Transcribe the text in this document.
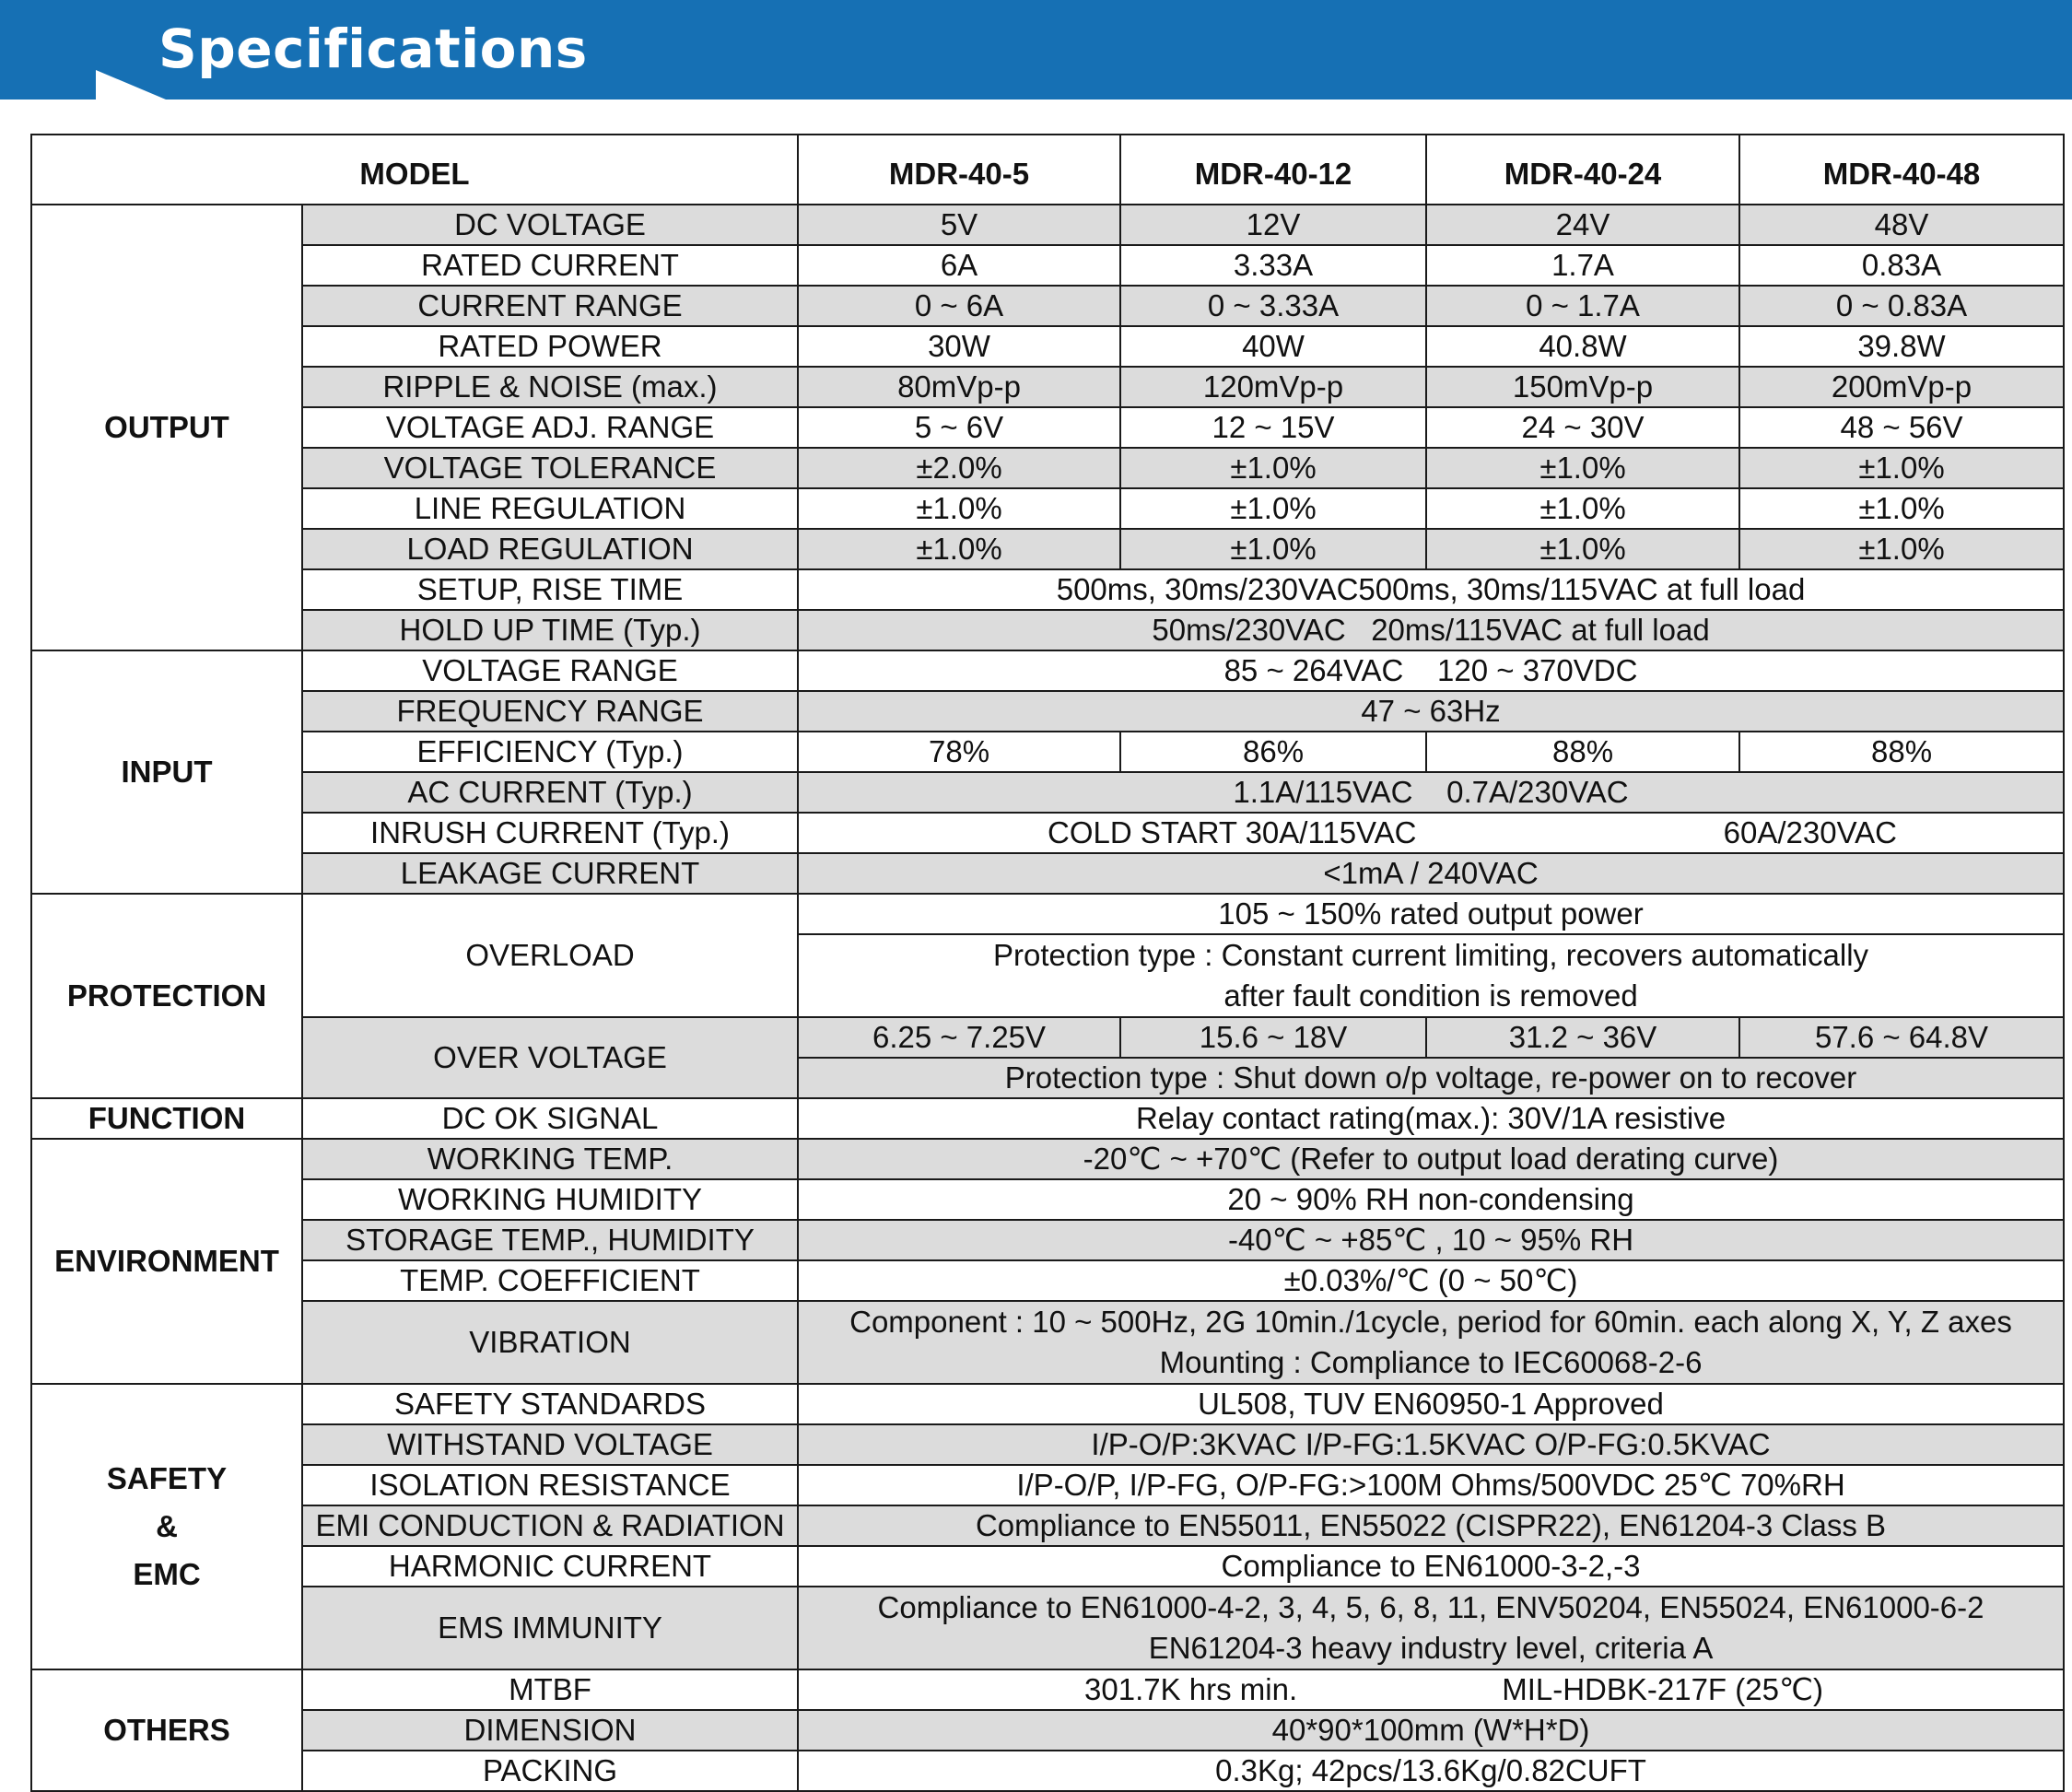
Specifications
MODEL		MDR-40-5	MDR-40-12	MDR-40-24	MDR-40-48
OUTPUT	DC VOLTAGE	5V	12V	24V	48V
	RATED CURRENT	6A	3.33A	1.7A	0.83A
	CURRENT RANGE	0 ~ 6A	0 ~ 3.33A	0 ~ 1.7A	0 ~ 0.83A
	RATED POWER	30W	40W	40.8W	39.8W
	RIPPLE & NOISE (max.)	80mVp-p	120mVp-p	150mVp-p	200mVp-p
	VOLTAGE ADJ. RANGE	5 ~ 6V	12 ~ 15V	24 ~ 30V	48 ~ 56V
	VOLTAGE TOLERANCE	±2.0%	±1.0%	±1.0%	±1.0%
	LINE REGULATION	±1.0%	±1.0%	±1.0%	±1.0%
	LOAD REGULATION	±1.0%	±1.0%	±1.0%	±1.0%
	SETUP, RISE TIME	500ms, 30ms/230VAC500ms, 30ms/115VAC at full load			
	HOLD UP TIME (Typ.)	50ms/230VAC   20ms/115VAC at full load			
INPUT	VOLTAGE RANGE	85 ~ 264VAC    120 ~ 370VDC			
	FREQUENCY RANGE	47 ~ 63Hz			
	EFFICIENCY (Typ.)	78%	86%	88%	88%
	AC CURRENT (Typ.)	1.1A/115VAC    0.7A/230VAC			
	INRUSH CURRENT (Typ.)	COLD START 30A/115VAC 60A/230VAC			

	LEAKAGE CURRENT	<1mA / 240VAC			
PROTECTION	OVERLOAD	105 ~ 150% rated output power			

		Protection type : Constant current limiting, recovers automatically
after fault condition is removed			

	OVER VOLTAGE	6.25 ~ 7.25V	15.6 ~ 18V	31.2 ~ 36V	57.6 ~ 64.8V
		Protection type : Shut down o/p voltage, re-power on to recover			
FUNCTION	DC OK SIGNAL	Relay contact rating(max.): 30V/1A resistive			
ENVIRONMENT	WORKING TEMP.	-20℃ ~ +70℃ (Refer to output load derating curve)			
	WORKING HUMIDITY	20 ~ 90% RH non-condensing			
	STORAGE TEMP., HUMIDITY	-40℃ ~ +85℃ , 10 ~ 95% RH			
	TEMP. COEFFICIENT	±0.03%/℃ (0 ~ 50℃)			
	VIBRATION	Component : 10 ~ 500Hz, 2G 10min./1cycle, period for 60min. each along X, Y, Z axes
Mounting : Compliance to IEC60068-2-6			

SAFETY
&
EMC	SAFETY STANDARDS	UL508, TUV EN60950-1 Approved			
	WITHSTAND VOLTAGE	I/P-O/P:3KVAC I/P-FG:1.5KVAC O/P-FG:0.5KVAC			
	ISOLATION RESISTANCE	I/P-O/P, I/P-FG, O/P-FG:>100M Ohms/500VDC 25℃ 70%RH			
	EMI CONDUCTION & RADIATION	Compliance to EN55011, EN55022 (CISPR22), EN61204-3 Class B			
	HARMONIC CURRENT	Compliance to EN61000-3-2,-3			
	EMS IMMUNITY	Compliance to EN61000-4-2, 3, 4, 5, 6, 8, 11, ENV50204, EN55024, EN61000-6-2
EN61204-3 heavy industry level, criteria A			

OTHERS	MTBF	301.7K hrs min. MIL-HDBK-217F (25℃)			

	DIMENSION	40*90*100mm (W*H*D)			
	PACKING	0.3Kg; 42pcs/13.6Kg/0.82CUFT			
